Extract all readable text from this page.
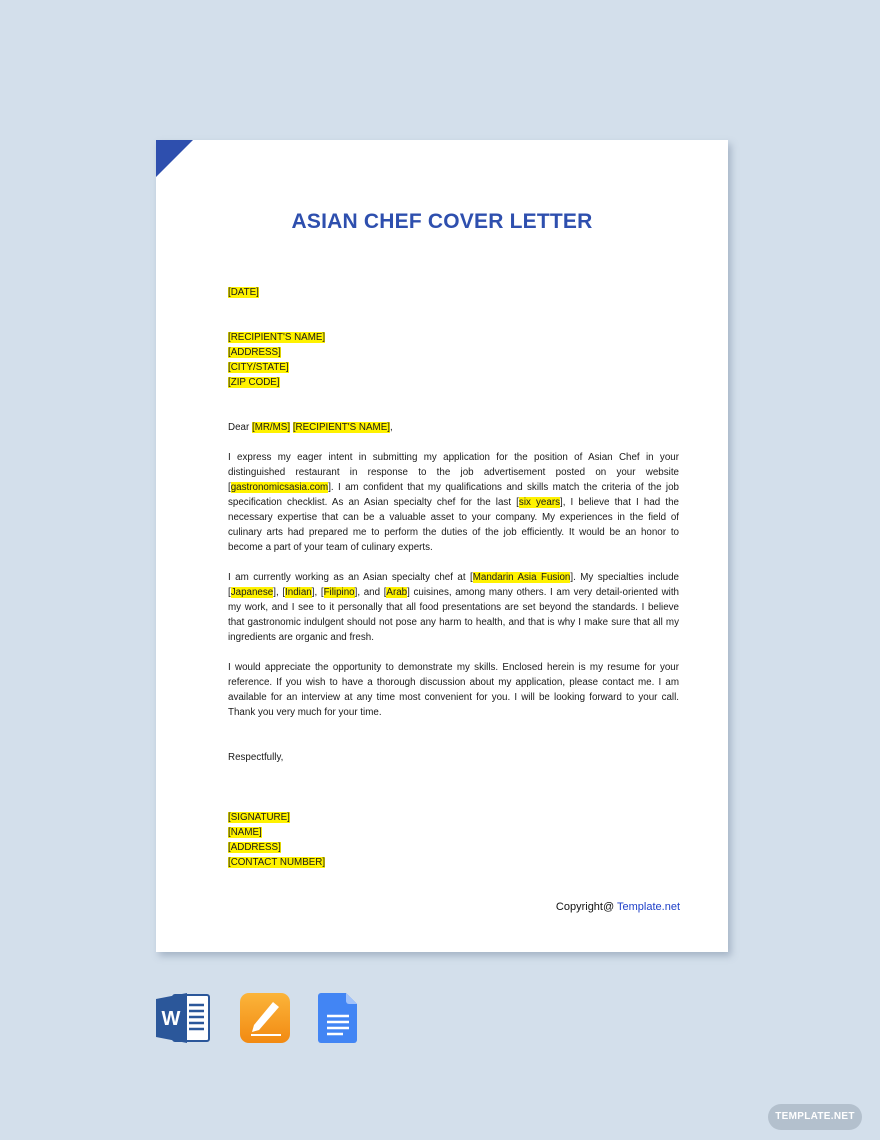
ASIAN CHEF COVER LETTER
[DATE]
[RECIPIENT'S NAME]
[ADDRESS]
[CITY/STATE]
[ZIP CODE]
Dear [MR/MS] [RECIPIENT'S NAME],
I express my eager intent in submitting my application for the position of Asian Chef in your distinguished restaurant in response to the job advertisement posted on your website [gastronomicsasia.com]. I am confident that my qualifications and skills match the criteria of the job specification checklist. As an Asian specialty chef for the last [six years], I believe that I had the necessary expertise that can be a valuable asset to your company. My experiences in the field of culinary arts had prepared me to perform the duties of the job efficiently. It would be an honor to become a part of your team of culinary experts.
I am currently working as an Asian specialty chef at [Mandarin Asia Fusion]. My specialties include [Japanese], [Indian], [Filipino], and [Arab] cuisines, among many others. I am very detail-oriented with my work, and I see to it personally that all food presentations are set beyond the standards. I believe that gastronomic indulgent should not pose any harm to health, and that is why I make sure that all my ingredients are organic and fresh.
I would appreciate the opportunity to demonstrate my skills. Enclosed herein is my resume for your reference. If you wish to have a thorough discussion about my application, please contact me. I am available for an interview at any time most convenient for you. I will be looking forward to your call. Thank you very much for your time.
Respectfully,
[SIGNATURE]
[NAME]
[ADDRESS]
[CONTACT NUMBER]
Copyright@ Template.net
W
TEMPLATE.NET
